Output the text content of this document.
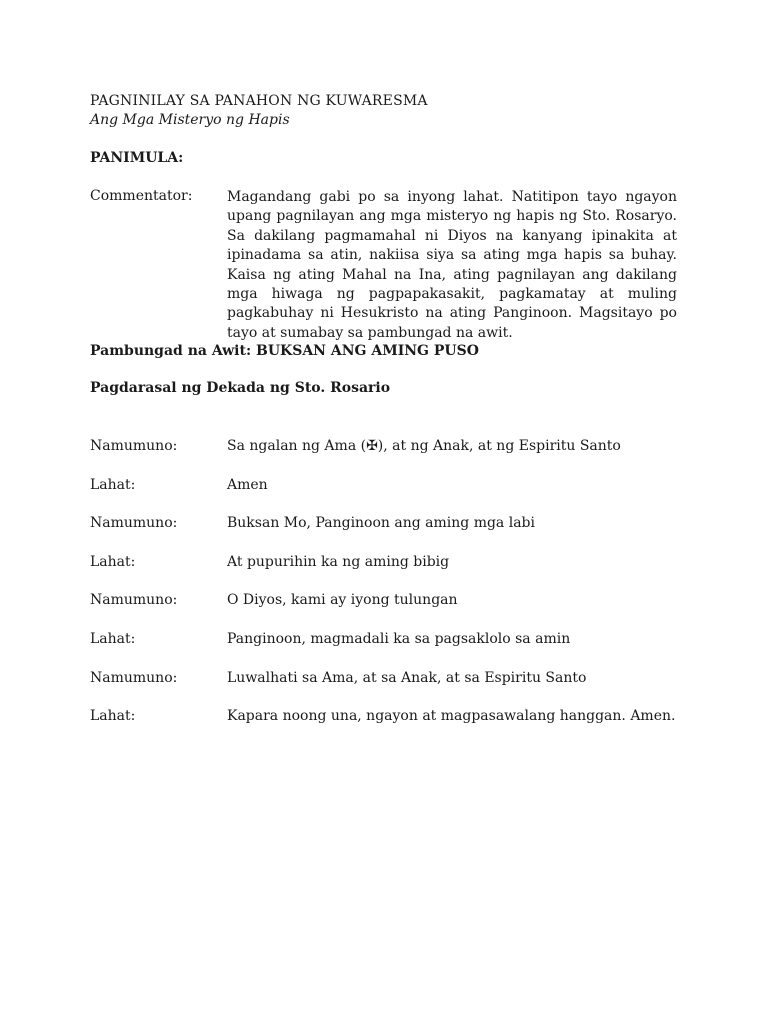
PAGNINILAY SA PANAHON NG KUWARESMA
Ang Mga Misteryo ng Hapis
PANIMULA:
Commentator: Magandang gabi po sa inyong lahat. Natitipon tayo ngayon upang pagnilayan ang mga misteryo ng hapis ng Sto. Rosaryo. Sa dakilang pagmamahal ni Diyos na kanyang ipinakita at ipinadama sa atin, nakiisa siya sa ating mga hapis sa buhay. Kaisa ng ating Mahal na Ina, ating pagnilayan ang dakilang mga hiwaga ng pagpapakasakit, pagkamatay at muling pagkabuhay ni Hesukristo na ating Panginoon. Magsitayo po tayo at sumabay sa pambungad na awit.
Pambungad na Awit: BUKSAN ANG AMING PUSO
Pagdarasal ng Dekada ng Sto. Rosario
Namumuno:	Sa ngalan ng Ama (✠), at ng Anak, at ng Espiritu Santo
Lahat:	Amen
Namumuno:	Buksan Mo, Panginoon ang aming mga labi
Lahat:	At pupurihin ka ng aming bibig
Namumuno:	O Diyos, kami ay iyong tulungan
Lahat:	Panginoon, magmadali ka sa pagsaklolo sa amin
Namumuno:	Luwalhati sa Ama, at sa Anak, at sa Espiritu Santo
Lahat:	Kapara noong una, ngayon at magpasawalang hanggan. Amen.
